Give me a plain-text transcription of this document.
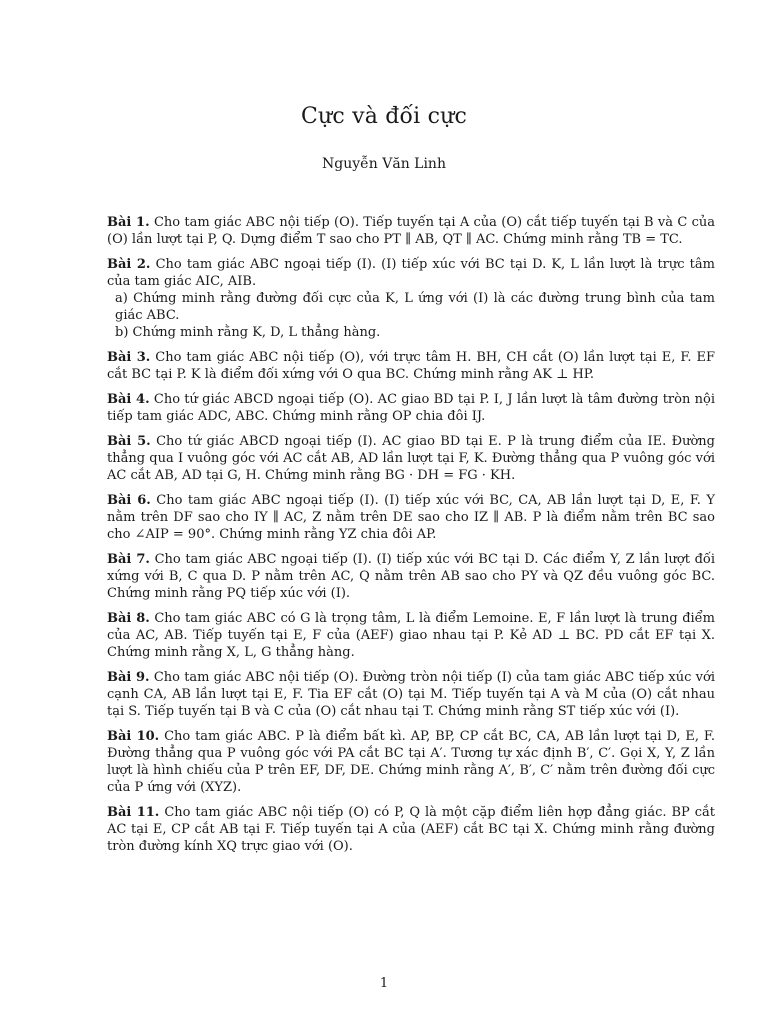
Cực và đối cực
Nguyễn Văn Linh

Bài 1. Cho tam giác ABC nội tiếp (O). Tiếp tuyến tại A của (O) cắt tiếp tuyến tại B và C của (O) lần lượt tại P, Q. Dựng điểm T sao cho PT ∥ AB, QT ∥ AC. Chứng minh rằng TB = TC.

Bài 2. Cho tam giác ABC ngoại tiếp (I). (I) tiếp xúc với BC tại D. K, L lần lượt là trực tâm của tam giác AIC, AIB.
a) Chứng minh rằng đường đối cực của K, L ứng với (I) là các đường trung bình của tam giác ABC.
b) Chứng minh rằng K, D, L thẳng hàng.

Bài 3. Cho tam giác ABC nội tiếp (O), với trực tâm H. BH, CH cắt (O) lần lượt tại E, F. EF cắt BC tại P. K là điểm đối xứng với O qua BC. Chứng minh rằng AK ⊥ HP.

Bài 4. Cho tứ giác ABCD ngoại tiếp (O). AC giao BD tại P. I, J lần lượt là tâm đường tròn nội tiếp tam giác ADC, ABC. Chứng minh rằng OP chia đôi IJ.

Bài 5. Cho tứ giác ABCD ngoại tiếp (I). AC giao BD tại E. P là trung điểm của IE. Đường thẳng qua I vuông góc với AC cắt AB, AD lần lượt tại F, K. Đường thẳng qua P vuông góc với AC cắt AB, AD tại G, H. Chứng minh rằng BG · DH = FG · KH.

Bài 6. Cho tam giác ABC ngoại tiếp (I). (I) tiếp xúc với BC, CA, AB lần lượt tại D, E, F. Y nằm trên DF sao cho IY ∥ AC, Z nằm trên DE sao cho IZ ∥ AB. P là điểm nằm trên BC sao cho ∠AIP = 90°. Chứng minh rằng YZ chia đôi AP.

Bài 7. Cho tam giác ABC ngoại tiếp (I). (I) tiếp xúc với BC tại D. Các điểm Y, Z lần lượt đối xứng với B, C qua D. P nằm trên AC, Q nằm trên AB sao cho PY và QZ đều vuông góc BC. Chứng minh rằng PQ tiếp xúc với (I).

Bài 8. Cho tam giác ABC có G là trọng tâm, L là điểm Lemoine. E, F lần lượt là trung điểm của AC, AB. Tiếp tuyến tại E, F của (AEF) giao nhau tại P. Kẻ AD ⊥ BC. PD cắt EF tại X. Chứng minh rằng X, L, G thẳng hàng.

Bài 9. Cho tam giác ABC nội tiếp (O). Đường tròn nội tiếp (I) của tam giác ABC tiếp xúc với cạnh CA, AB lần lượt tại E, F. Tia EF cắt (O) tại M. Tiếp tuyến tại A và M của (O) cắt nhau tại S. Tiếp tuyến tại B và C của (O) cắt nhau tại T. Chứng minh rằng ST tiếp xúc với (I).

Bài 10. Cho tam giác ABC. P là điểm bất kì. AP, BP, CP cắt BC, CA, AB lần lượt tại D, E, F. Đường thẳng qua P vuông góc với PA cắt BC tại A′. Tương tự xác định B′, C′. Gọi X, Y, Z lần lượt là hình chiếu của P trên EF, DF, DE. Chứng minh rằng A′, B′, C′ nằm trên đường đối cực của P ứng với (XYZ).

Bài 11. Cho tam giác ABC nội tiếp (O) có P, Q là một cặp điểm liên hợp đẳng giác. BP cắt AC tại E, CP cắt AB tại F. Tiếp tuyến tại A của (AEF) cắt BC tại X. Chứng minh rằng đường tròn đường kính XQ trực giao với (O).

1
